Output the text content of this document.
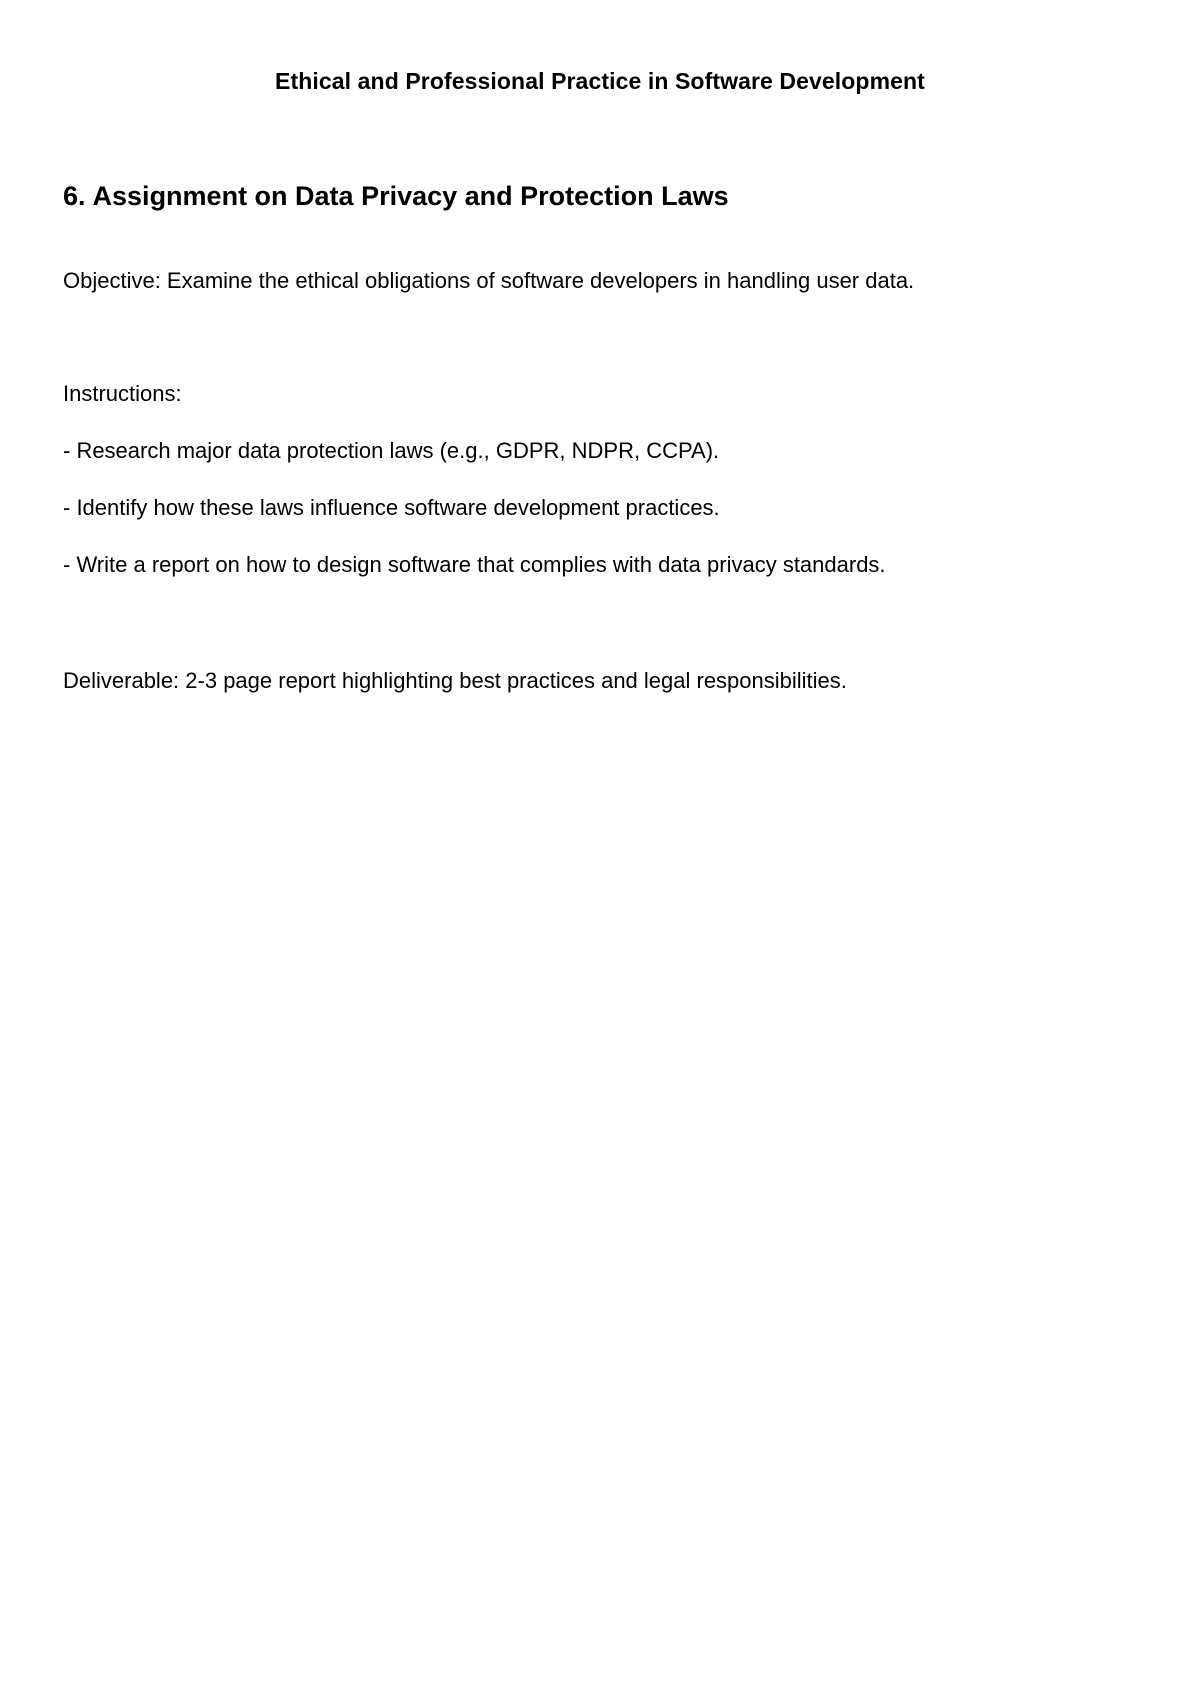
Ethical and Professional Practice in Software Development
6. Assignment on Data Privacy and Protection Laws
Objective: Examine the ethical obligations of software developers in handling user data.
Instructions:
- Research major data protection laws (e.g., GDPR, NDPR, CCPA).
- Identify how these laws influence software development practices.
- Write a report on how to design software that complies with data privacy standards.
Deliverable: 2-3 page report highlighting best practices and legal responsibilities.
